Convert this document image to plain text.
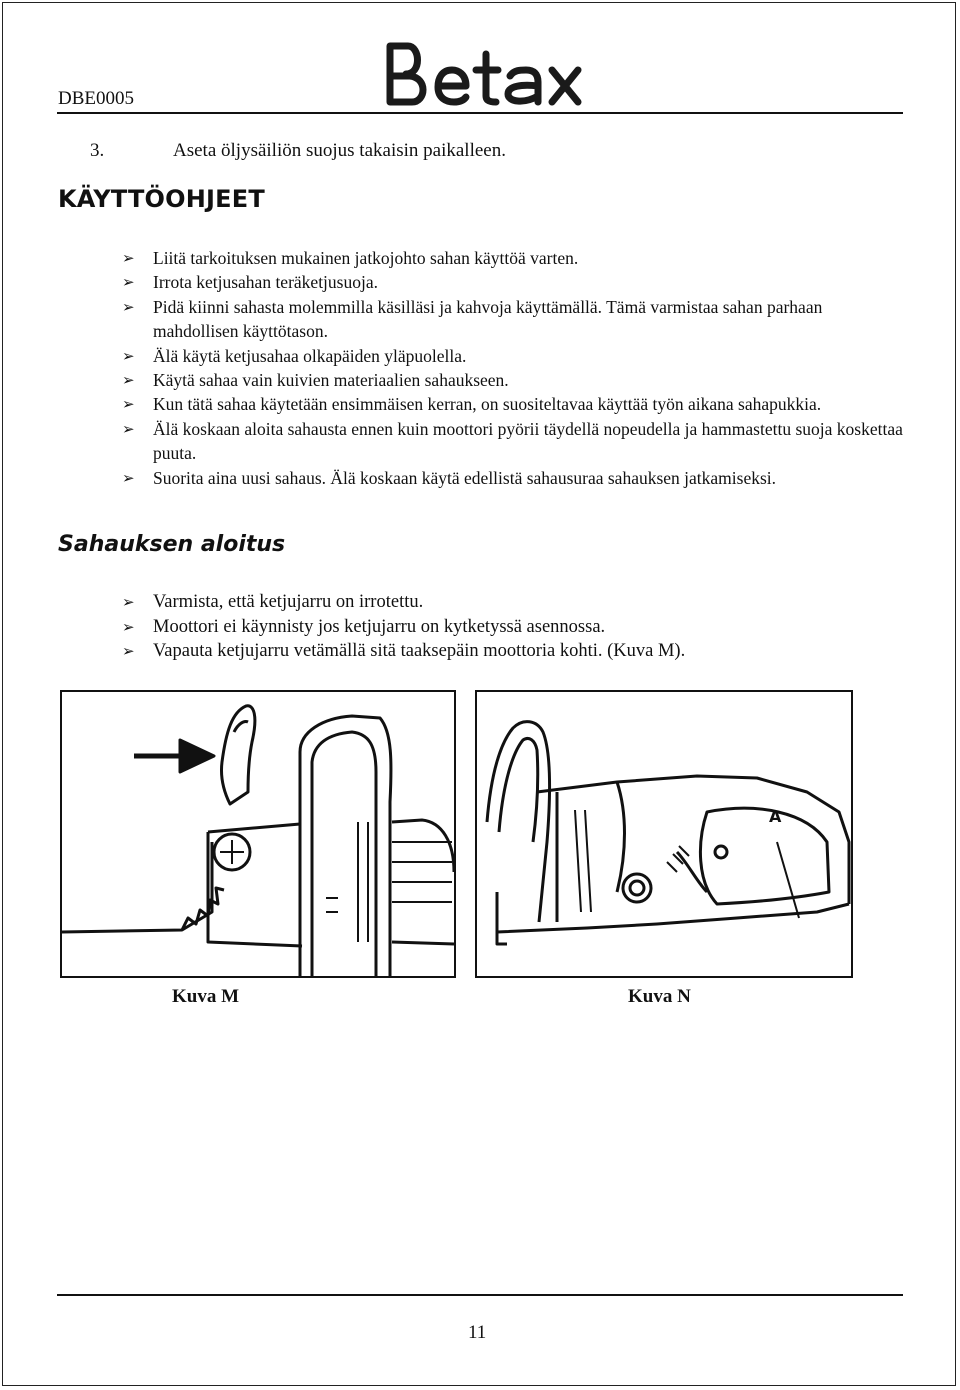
DBE0005
3.	Aseta öljysäiliön suojus takaisin paikalleen.
KÄYTTÖOHJEET
➢ Liitä tarkoituksen mukainen jatkojohto sahan käyttöä varten.
➢ Irrota ketjusahan teräketjusuoja.
➢ Pidä kiinni sahasta molemmilla käsilläsi ja kahvoja käyttämällä. Tämä varmistaa sahan parhaan mahdollisen käyttötason.
➢ Älä käytä ketjusahaa olkapäiden yläpuolella.
➢ Käytä sahaa vain kuivien materiaalien sahaukseen.
➢ Kun tätä sahaa käytetään ensimmäisen kerran, on suositeltavaa käyttää työn aikana sahapukkia.
➢ Älä koskaan aloita sahausta ennen kuin moottori pyörii täydellä nopeudella ja hammastettu suoja koskettaa puuta.
➢ Suorita aina uusi sahaus. Älä koskaan käytä edellistä sahausuraa sahauksen jatkamiseksi.
Sahauksen aloitus
➢ Varmista, että ketjujarru on irrotettu.
➢ Moottori ei käynnisty jos ketjujarru on kytketyssä asennossa.
➢ Vapauta ketjujarru vetämällä sitä taaksepäin moottoria kohti. (Kuva M).
A
Kuva M	Kuva N
11
